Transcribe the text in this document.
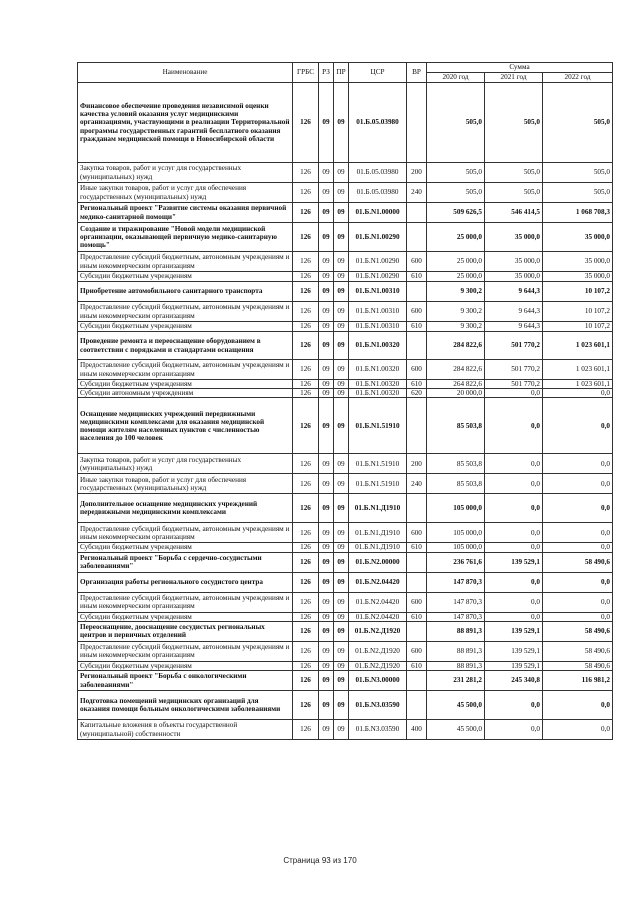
Наименование	ГРБС	РЗ	ПР	ЦСР	ВР	Сумма		
						2020 год	2021 год	2022 год
Финансовое обеспечение проведения независимой оценки качества условий оказания услуг медицинскими организациями, участвующими в реализации Территориальной программы государственных гарантий бесплатного оказания гражданам медицинской помощи в Новосибирской области	126	09	09	01.Б.05.03980		505,0	505,0	505,0
Закупка товаров, работ и услуг для государственных (муниципальных) нужд	126	09	09	01.Б.05.03980	200	505,0	505,0	505,0
Иные закупки товаров, работ и услуг для обеспечения государственных (муниципальных) нужд	126	09	09	01.Б.05.03980	240	505,0	505,0	505,0
Региональный проект "Развитие системы оказания первичной медико-санитарной помощи"	126	09	09	01.Б.N1.00000		509 626,5	546 414,5	1 068 708,3
Создание и тиражирование "Новой модели медицинской организации, оказывающей первичную медико-санитарную помощь"	126	09	09	01.Б.N1.00290		25 000,0	35 000,0	35 000,0
Предоставление субсидий бюджетным, автономным учреждениям и иным некоммерческим организациям	126	09	09	01.Б.N1.00290	600	25 000,0	35 000,0	35 000,0
Субсидии бюджетным учреждениям	126	09	09	01.Б.N1.00290	610	25 000,0	35 000,0	35 000,0
Приобретение автомобильного санитарного транспорта	126	09	09	01.Б.N1.00310		9 300,2	9 644,3	10 107,2
Предоставление субсидий бюджетным, автономным учреждениям и иным некоммерческим организациям	126	09	09	01.Б.N1.00310	600	9 300,2	9 644,3	10 107,2
Субсидии бюджетным учреждениям	126	09	09	01.Б.N1.00310	610	9 300,2	9 644,3	10 107,2
Проведение ремонта и переоснащение оборудованием в соответствии с порядками и стандартами оснащения	126	09	09	01.Б.N1.00320		284 822,6	501 770,2	1 023 601,1
Предоставление субсидий бюджетным, автономным учреждениям и иным некоммерческим организациям	126	09	09	01.Б.N1.00320	600	284 822,6	501 770,2	1 023 601,1
Субсидии бюджетным учреждениям	126	09	09	01.Б.N1.00320	610	264 822,6	501 770,2	1 023 601,1
Субсидии автономным учреждениям	126	09	09	01.Б.N1.00320	620	20 000,0	0,0	0,0
Оснащение медицинских учреждений передвижными медицинскими комплексами для оказания медицинской помощи жителям населенных пунктов с численностью населения до 100 человек	126	09	09	01.Б.N1.51910		85 503,8	0,0	0,0
Закупка товаров, работ и услуг для государственных (муниципальных) нужд	126	09	09	01.Б.N1.51910	200	85 503,8	0,0	0,0
Иные закупки товаров, работ и услуг для обеспечения государственных (муниципальных) нужд	126	09	09	01.Б.N1.51910	240	85 503,8	0,0	0,0
Дополнительное оснащение медицинских учреждений передвижными медицинскими комплексами	126	09	09	01.Б.N1.Д1910		105 000,0	0,0	0,0
Предоставление субсидий бюджетным, автономным учреждениям и иным некоммерческим организациям	126	09	09	01.Б.N1.Д1910	600	105 000,0	0,0	0,0
Субсидии бюджетным учреждениям	126	09	09	01.Б.N1.Д1910	610	105 000,0	0,0	0,0
Региональный проект "Борьба с сердечно-сосудистыми заболеваниями"	126	09	09	01.Б.N2.00000		236 761,6	139 529,1	58 490,6
Организация работы регионального сосудистого центра	126	09	09	01.Б.N2.04420		147 870,3	0,0	0,0
Предоставление субсидий бюджетным, автономным учреждениям и иным некоммерческим организациям	126	09	09	01.Б.N2.04420	600	147 870,3	0,0	0,0
Субсидии бюджетным учреждениям	126	09	09	01.Б.N2.04420	610	147 870,3	0,0	0,0
Переоснащение, дооснащение сосудистых региональных центров и первичных отделений	126	09	09	01.Б.N2.Д1920		88 891,3	139 529,1	58 490,6
Предоставление субсидий бюджетным, автономным учреждениям и иным некоммерческим организациям	126	09	09	01.Б.N2.Д1920	600	88 891,3	139 529,1	58 490,6
Субсидии бюджетным учреждениям	126	09	09	01.Б.N2.Д1920	610	88 891,3	139 529,1	58 490,6
Региональный проект "Борьба с онкологическими заболеваниями"	126	09	09	01.Б.N3.00000		231 281,2	245 340,8	116 981,2
Подготовка помещений медицинских организаций для оказания помощи больным онкологическими заболеваниями	126	09	09	01.Б.N3.03590		45 500,0	0,0	0,0
Капитальные вложения в объекты государственной (муниципальной) собственности	126	09	09	01.Б.N3.03590	400	45 500,0	0,0	0,0
Страница 93 из 170
